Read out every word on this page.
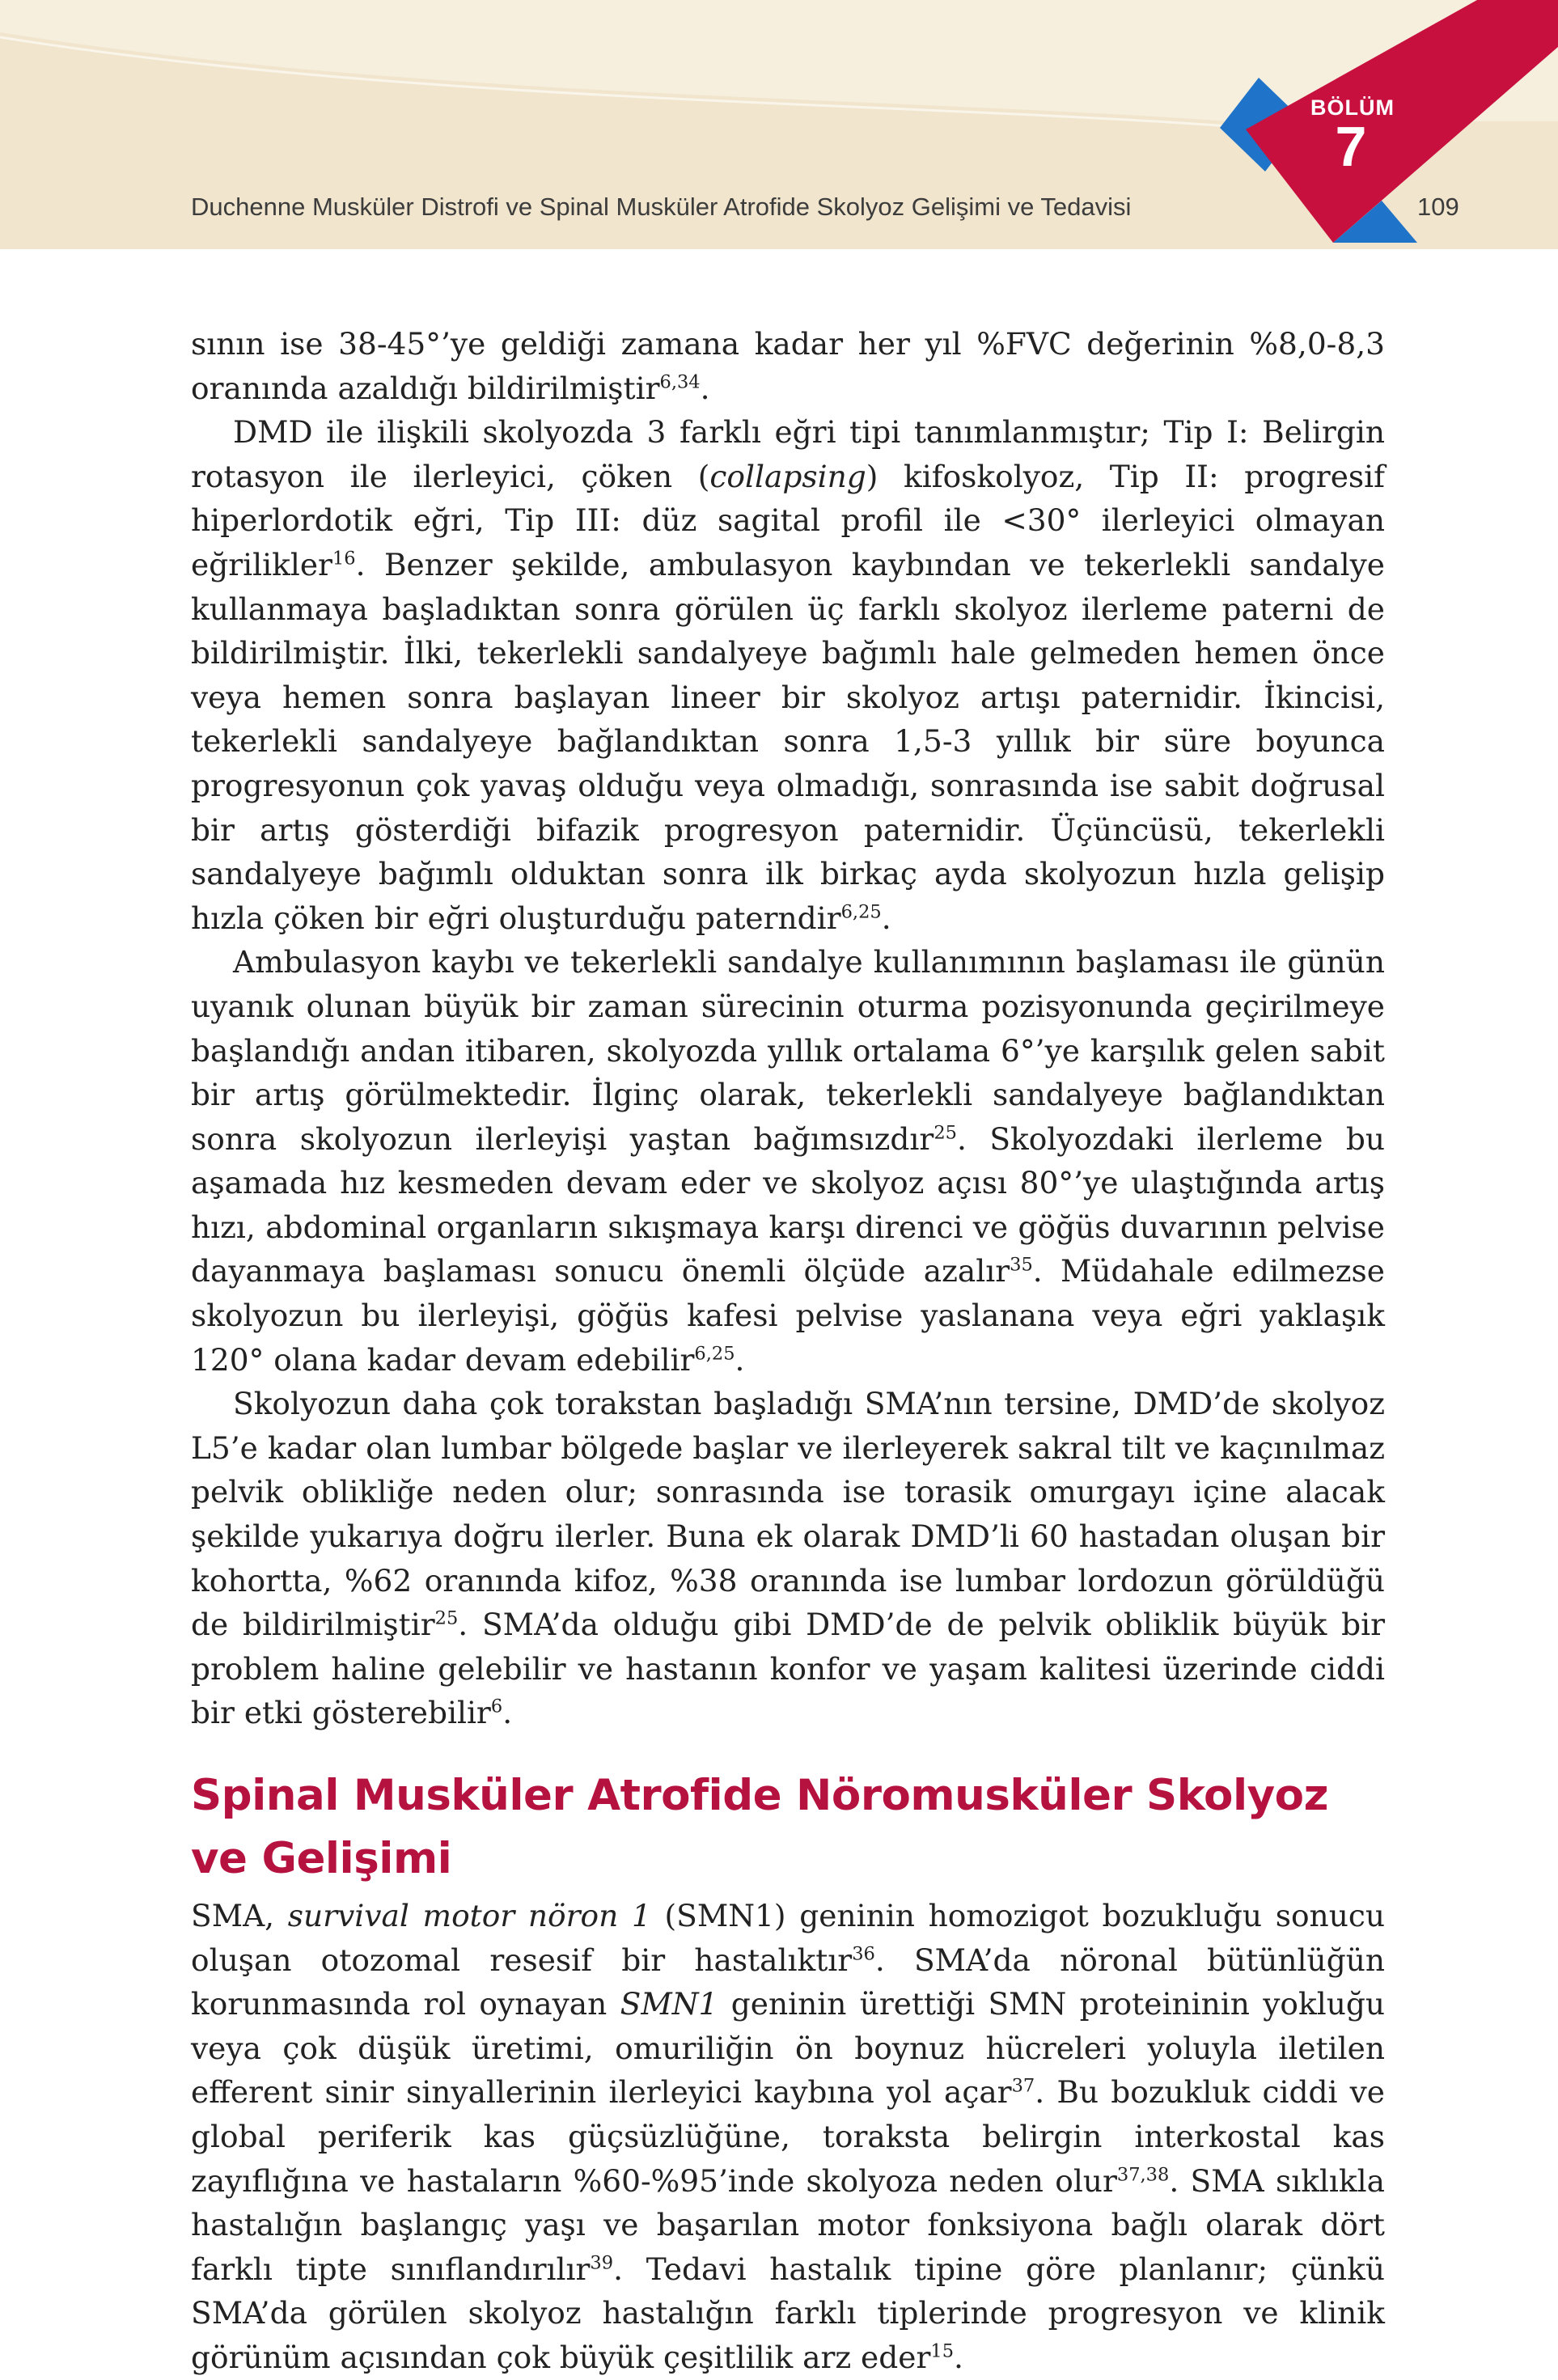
Duchenne Musküler Distrofi ve Spinal Musküler Atrofide Skolyoz Gelişimi ve Tedavisi	109
BÖLÜM
7

sının ise 38-45°’ye geldiği zamana kadar her yıl %FVC değerinin %8,0-8,3 oranında azaldığı bildirilmiştir$^{6,34}$.

DMD ile ilişkili skolyozda 3 farklı eğri tipi tanımlanmıştır; Tip I: Belirgin rotasyon ile ilerleyici, çöken (collapsing) kifoskolyoz, Tip II: progresif hiperlordotik eğri, Tip III: düz sagital profil ile <30° ilerleyici olmayan eğrilikler$^{16}$. Benzer şekilde, ambulasyon kaybından ve tekerlekli sandalye kullanmaya başladıktan sonra görülen üç farklı skolyoz ilerleme paterni de bildirilmiştir. İlki, tekerlekli sandalyeye bağımlı hale gelmeden hemen önce veya hemen sonra başlayan lineer bir skolyoz artışı paternidir. İkincisi, tekerlekli sandalyeye bağlandıktan sonra 1,5-3 yıllık bir süre boyunca progresyonun çok yavaş olduğu veya olmadığı, sonrasında ise sabit doğrusal bir artış gösterdiği bifazik progresyon paternidir. Üçüncüsü, tekerlekli sandalyeye bağımlı olduktan sonra ilk birkaç ayda skolyozun hızla gelişip hızla çöken bir eğri oluşturduğu paterndir$^{6,25}$.

Ambulasyon kaybı ve tekerlekli sandalye kullanımının başlaması ile günün uyanık olunan büyük bir zaman sürecinin oturma pozisyonunda geçirilmeye başlandığı andan itibaren, skolyozda yıllık ortalama 6°’ye karşılık gelen sabit bir artış görülmektedir. İlginç olarak, tekerlekli sandalyeye bağlandıktan sonra skolyozun ilerleyişi yaştan bağımsızdır$^{25}$. Skolyozdaki ilerleme bu aşamada hız kesmeden devam eder ve skolyoz açısı 80°’ye ulaştığında artış hızı, abdominal organların sıkışmaya karşı direnci ve göğüs duvarının pelvise dayanmaya başlaması sonucu önemli ölçüde azalır$^{35}$. Müdahale edilmezse skolyozun bu ilerleyişi, göğüs kafesi pelvise yaslanana veya eğri yaklaşık 120° olana kadar devam edebilir$^{6,25}$.

Skolyozun daha çok torakstan başladığı SMA’nın tersine, DMD’de skolyoz L5’e kadar olan lumbar bölgede başlar ve ilerleyerek sakral tilt ve kaçınılmaz pelvik oblikliğe neden olur; sonrasında ise torasik omurgayı içine alacak şekilde yukarıya doğru ilerler. Buna ek olarak DMD’li 60 hastadan oluşan bir kohortta, %62 oranında kifoz, %38 oranında ise lumbar lordozun görüldüğü de bildirilmiştir$^{25}$. SMA’da olduğu gibi DMD’de de pelvik obliklik büyük bir problem haline gelebilir ve hastanın konfor ve yaşam kalitesi üzerinde ciddi bir etki gösterebilir$^6$.

Spinal Musküler Atrofide Nöromusküler Skolyoz ve Gelişimi

SMA, survival motor nöron 1 (SMN1) geninin homozigot bozukluğu sonucu oluşan otozomal resesif bir hastalıktır$^{36}$. SMA’da nöronal bütünlüğün korunmasında rol oynayan SMN1 geninin ürettiği SMN proteininin yokluğu veya çok düşük üretimi, omuriliğin ön boynuz hücreleri yoluyla iletilen efferent sinir sinyallerinin ilerleyici kaybına yol açar$^{37}$. Bu bozukluk ciddi ve global periferik kas güçsüzlüğüne, torakstа belirgin interkostal kas zayıflığına ve hastaların %60-%95’inde skolyoza neden olur$^{37,38}$. SMA sıklıkla hastalığın başlangıç yaşı ve başarılan motor fonksiyona bağlı olarak dört farklı tipte sınıflandırılır$^{39}$. Tedavi hastalık tipine göre planlanır; çünkü SMA’da görülen skolyoz hastalığın farklı tiplerinde progresyon ve klinik görünüm açısından çok büyük çeşitlilik arz eder$^{15}$.
